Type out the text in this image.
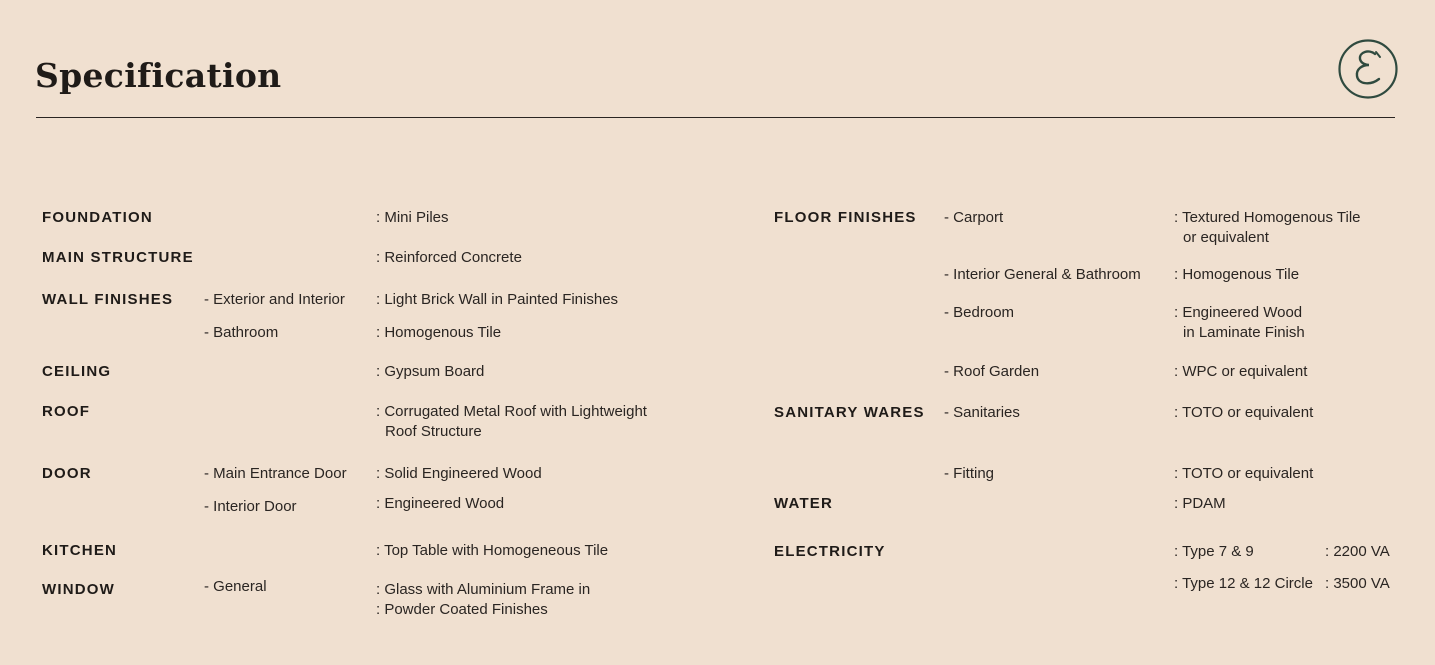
Specification
FOUNDATION	: Mini Piles
MAIN STRUCTURE	: Reinforced Concrete
WALL FINISHES - Exterior and Interior : Light Brick Wall in Painted Finishes
- Bathroom	: Homogenous Tile
CEILING	: Gypsum Board
ROOF	: Corrugated Metal Roof with Lightweight
Roof Structure
DOOR	- Main Entrance Door : Solid Engineered Wood
- Interior Door	: Engineered Wood
KITCHEN	: Top Table with Homogeneous Tile
WINDOW	- General	: Glass with Aluminium Frame in
: Powder Coated Finishes
FLOOR FINISHES - Carport	: Textured Homogenous Tile
or equivalent
- Interior General & Bathroom : Homogenous Tile
- Bedroom	: Engineered Wood
in Laminate Finish
- Roof Garden	: WPC or equivalent
SANITARY WARES - Sanitaries	: TOTO or equivalent
- Fitting	: TOTO or equivalent
WATER	: PDAM
ELECTRICITY	: Type 7 & 9	: 2200 VA
: Type 12 & 12 Circle : 3500 VA
